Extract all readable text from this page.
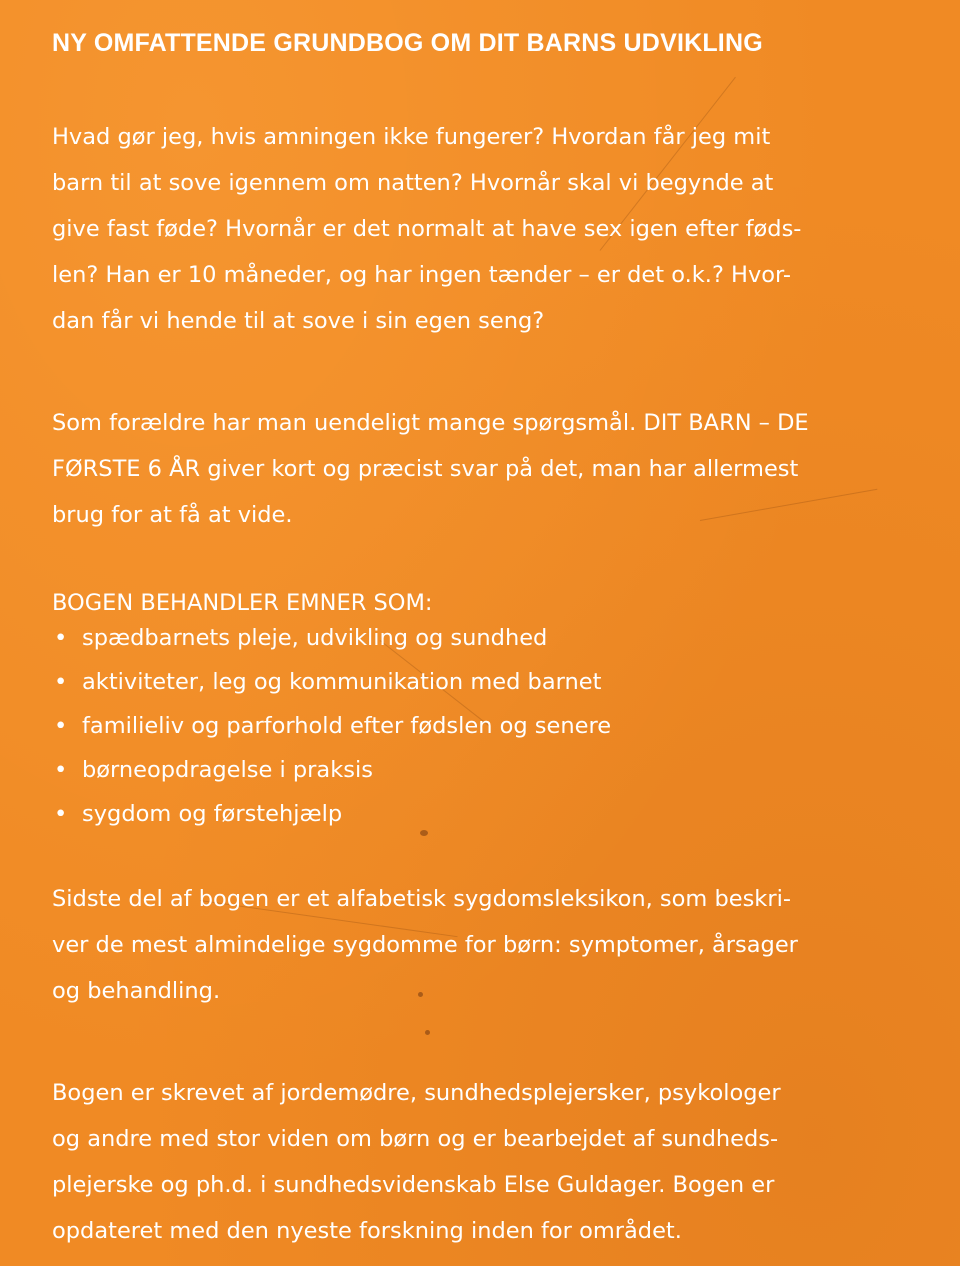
NY OMFATTENDE GRUNDBOG OM DIT BARNS UDVIKLING

Hvad gør jeg, hvis amningen ikke fungerer? Hvordan får jeg mit
barn til at sove igennem om natten? Hvornår skal vi begynde at
give fast føde? Hvornår er det normalt at have sex igen efter føds-
len? Han er 10 måneder, og har ingen tænder – er det o.k.? Hvor-
dan får vi hende til at sove i sin egen seng?

Som forældre har man uendeligt mange spørgsmål. DIT BARN – DE
FØRSTE 6 ÅR giver kort og præcist svar på det, man har allermest
brug for at få at vide.

BOGEN BEHANDLER EMNER SOM:
• spædbarnets pleje, udvikling og sundhed
• aktiviteter, leg og kommunikation med barnet
• familieliv og parforhold efter fødslen og senere
• børneopdragelse i praksis
• sygdom og førstehjælp

Sidste del af bogen er et alfabetisk sygdomsleksikon, som beskri-
ver de mest almindelige sygdomme for børn: symptomer, årsager
og behandling.

Bogen er skrevet af jordemødre, sundhedsplejersker, psykologer
og andre med stor viden om børn og er bearbejdet af sundheds-
plejerske og ph.d. i sundhedsvidenskab Else Guldager. Bogen er
opdateret med den nyeste forskning inden for området.
